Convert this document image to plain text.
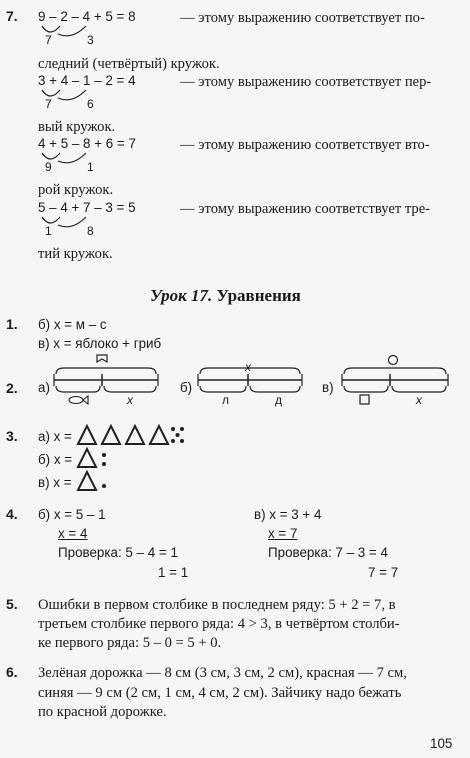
7. 9 – 2 – 4 + 5 = 8	— этому выражению соответствует по-
7	3
следний (четвёртый) кружок.
3 + 4 – 1 – 2 = 4	— этому выражению соответствует пер-
7	6
вый кружок.
4 + 5 – 8 + 6 = 7	— этому выражению соответствует вто-
9	1
рой кружок.
5 – 4 + 7 – 3 = 5	— этому выражению соответствует тре-
1	8
тий кружок.
Урок 17. Уравнения
1. б) x = м – с
в) x = яблоко + гриб
2. а)
x
б)
x
л	д
в)
x
3. а) x =
б) x =
в) x =
4. б) x = 5 – 1
x = 4
Проверка: 5 – 4 = 1
1 = 1
в) x = 3 + 4
x = 7
Проверка: 7 – 3 = 4
7 = 7
5. Ошибки в первом столбике в последнем ряду: 5 + 2 = 7, в
третьем столбике первого ряда: 4 > 3, в четвёртом столби-
ке первого ряда: 5 – 0 = 5 + 0.
6. Зелёная дорожка — 8 см (3 см, 3 см, 2 см), красная — 7 см,
синяя — 9 см (2 см, 1 см, 4 см, 2 см). Зайчику надо бежать
по красной дорожке.
105
